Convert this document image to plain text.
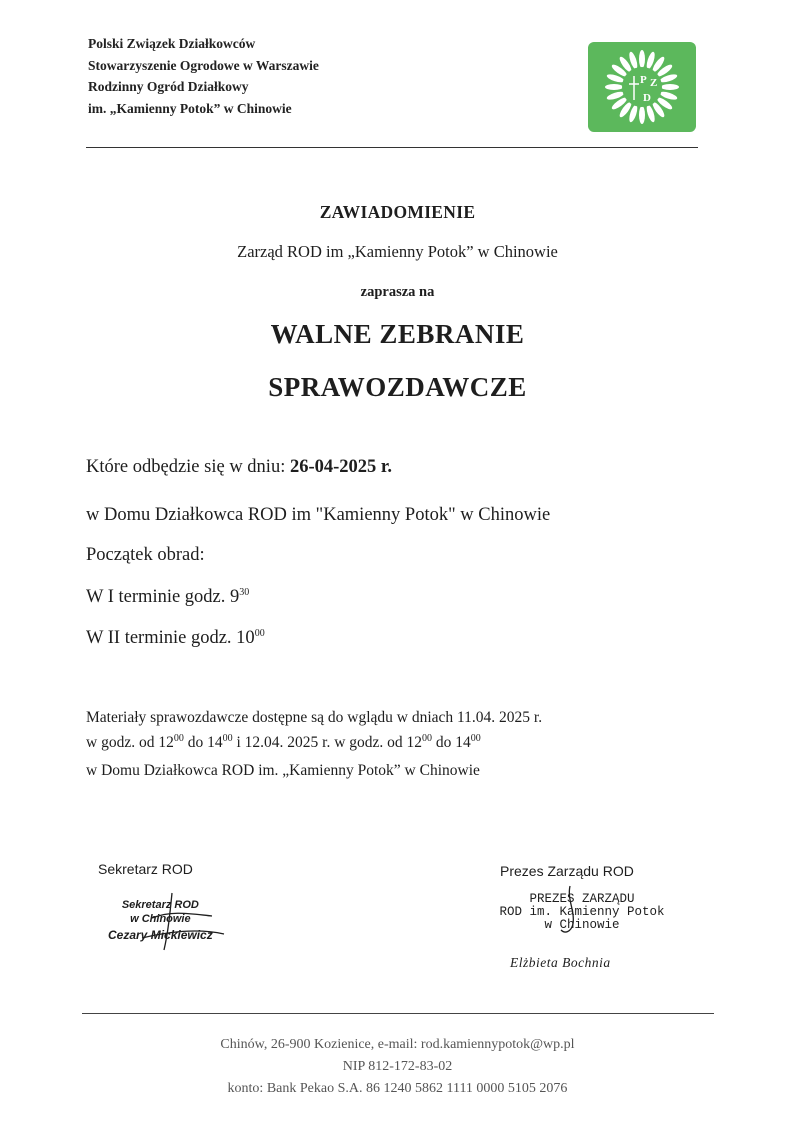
Polski Związek Działkowców
Stowarzyszenie Ogrodowe w Warszawie
Rodzinny Ogród Działkowy
im. „Kamienny Potok” w Chinowie
P Z
D
ZAWIADOMIENIE
Zarząd ROD im „Kamienny Potok” w Chinowie
zaprasza na
WALNE ZEBRANIE
SPRAWOZDAWCZE
Które odbędzie się w dniu: 26-04-2025 r.
w Domu Działkowca ROD im "Kamienny Potok" w Chinowie
Początek obrad:
W I terminie godz. $9^{30}$
W II terminie godz. $10^{00}$
Materiały sprawozdawcze dostępne są do wglądu w dniach 11.04. 2025 r.
w godz. od $12^{00}$ do $14^{00}$ i 12.04. 2025 r. w godz. od $12^{00}$ do $14^{00}$
w Domu Działkowca ROD im. „Kamienny Potok” w Chinowie
Sekretarz ROD
Sekretarz ROD
w Chinowie
Cezary Mickiewicz
Prezes Zarządu ROD
PREZES ZARZĄDU
ROD im. Kamienny Potok
w Chinowie
Elżbieta Bochnia
Chinów, 26-900 Kozienice, e-mail: rod.kamiennypotok@wp.pl
NIP 812-172-83-02
konto: Bank Pekao S.A. 86 1240 5862 1111 0000 5105 2076
